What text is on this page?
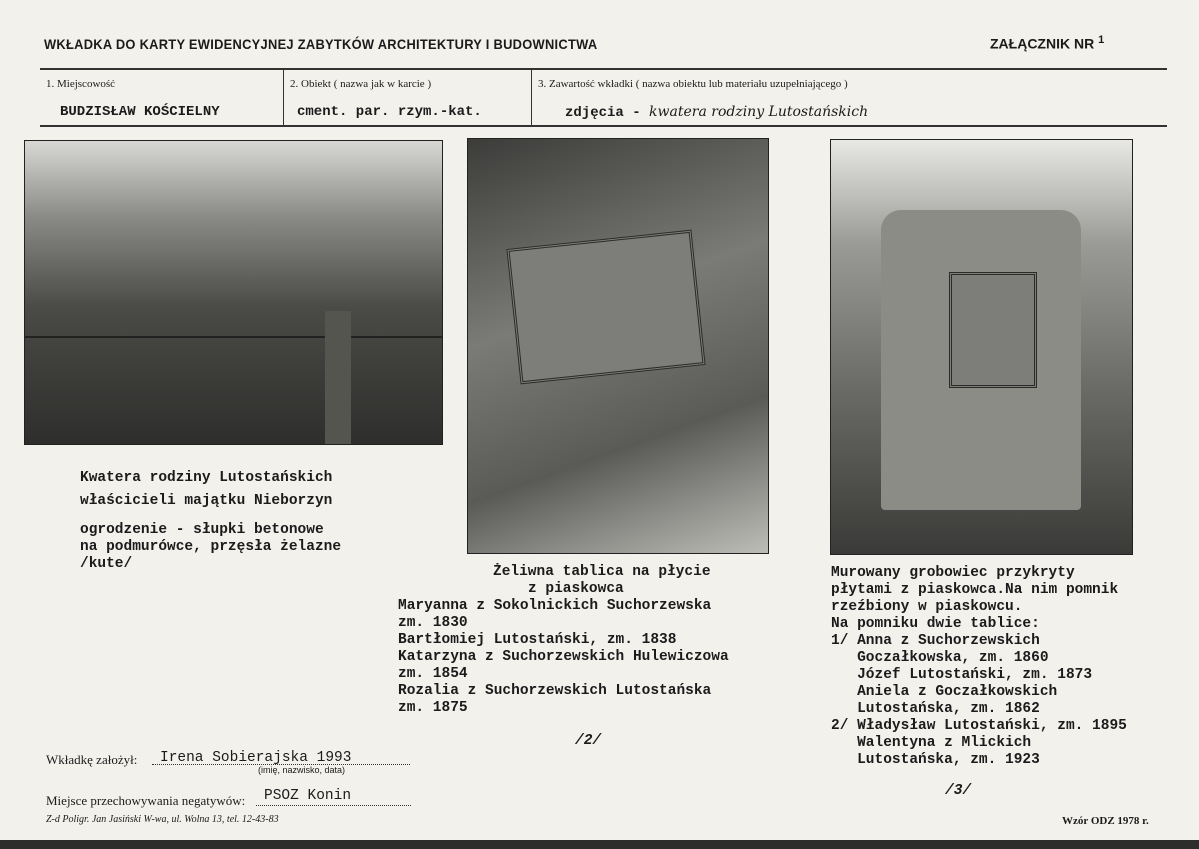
WKŁADKA DO KARTY EWIDENCYJNEJ ZABYTKÓW ARCHITEKTURY I BUDOWNICTWA	ZAŁĄCZNIK NR $^1$
1. Miejscowość	2. Obiekt ( nazwa jak w karcie )	3. Zawartość wkładki ( nazwa obiektu lub materiału uzupełniającego )
BUDZISŁAW KOŚCIELNY	cment. par. rzym.-kat.	zdjęcia - kwatera rodziny Lutostańskich
Kwatera rodziny Lutostańskich
właścicieli majątku Nieborzyn
ogrodzenie - słupki betonowe
na podmurówce, przęsła żelazne
/kute/	Żeliwna tablica na płycie
z piaskowca
Maryanna z Sokolnickich Suchorzewska
zm. 1830
Bartłomiej Lutostański, zm. 1838
Katarzyna z Suchorzewskich Hulewiczowa
zm. 1854
Rozalia z Suchorzewskich Lutostańska
zm. 1875
/2/
Murowany grobowiec przykryty
płytami z piaskowca.Na nim pomnik
rzeźbiony w piaskowcu.
Na pomniku dwie tablice:
1/ Anna z Suchorzewskich
Goczałkowska, zm. 1860
Józef Lutostański, zm. 1873
Aniela z Goczałkowskich
Lutostańska, zm. 1862
2/ Władysław Lutostański, zm. 1895
Walentyna z Mlickich
Lutostańska, zm. 1923
/3/
Wkładkę założył:	Irena Sobierajska 1993
(imię, nazwisko, data)
Miejsce przechowywania negatywów:	PSOZ Konin
Z-d Poligr. Jan Jasiński W-wa, ul. Wolna 13, tel. 12-43-83	Wzór ODZ 1978 r.
